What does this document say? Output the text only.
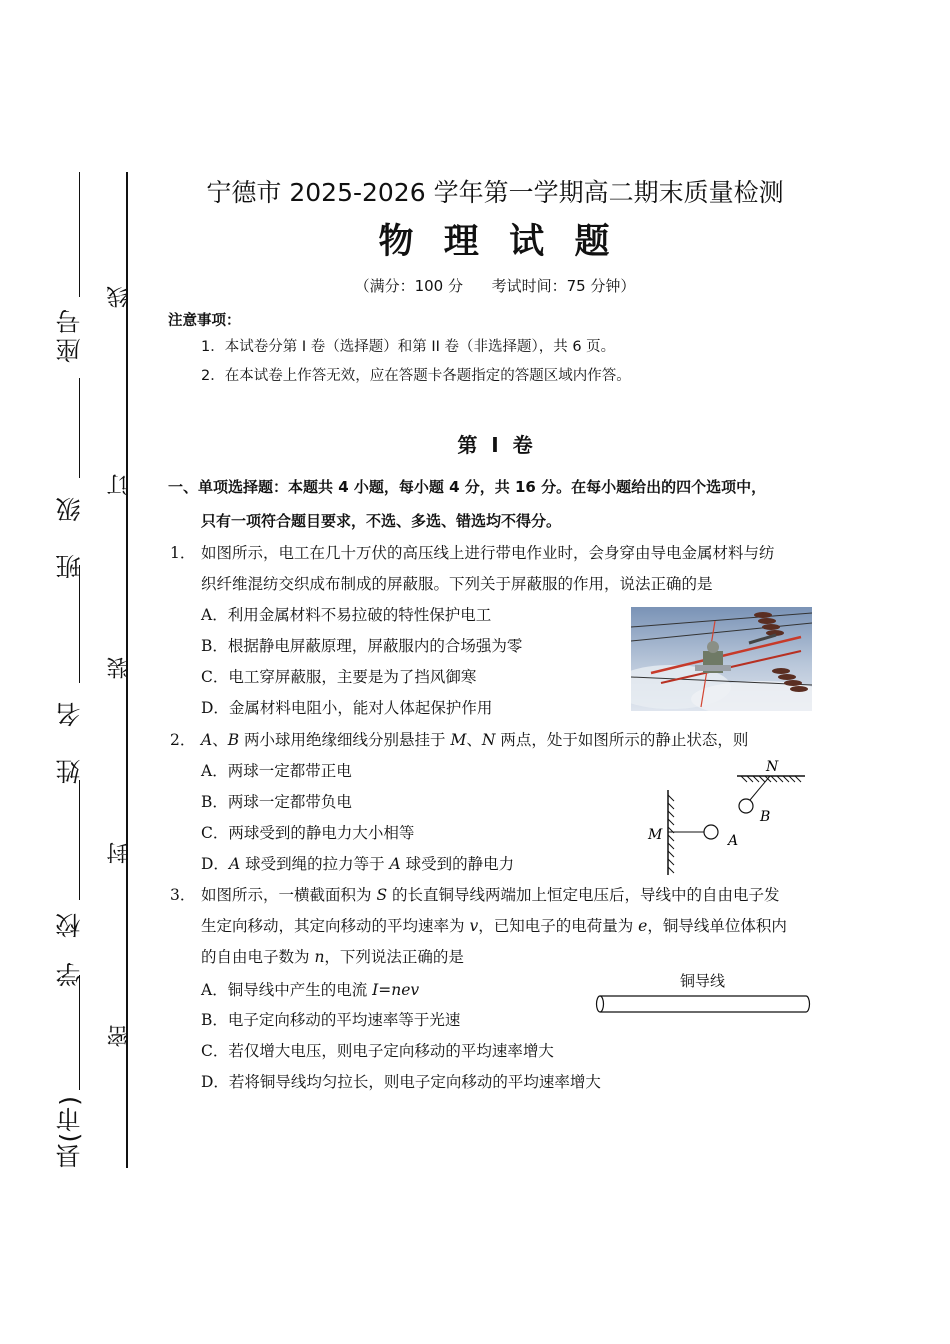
县(市)
学 校
姓 名
班 级
座号
线
订
装
封
密
宁德市 2025-2026 学年第一学期高二期末质量检测
物  理  试  题
（满分：100 分      考试时间：75 分钟）
注意事项：
1．本试卷分第 I 卷（选择题）和第 II 卷（非选择题），共 6 页。
2．在本试卷上作答无效，应在答题卡各题指定的答题区域内作答。
第  I  卷
一、单项选择题：本题共 4 小题，每小题 4 分，共 16 分。在每小题给出的四个选项中，
只有一项符合题目要求，不选、多选、错选均不得分。
1． 如图所示，电工在几十万伏的高压线上进行带电作业时，会身穿由导电金属材料与纺
织纤维混纺交织成布制成的屏蔽服。下列关于屏蔽服的作用，说法正确的是
A．利用金属材料不易拉破的特性保护电工
B．根据静电屏蔽原理，屏蔽服内的合场强为零
C．电工穿屏蔽服，主要是为了挡风御寒
D．金属材料电阻小，能对人体起保护作用
2． A、B 两小球用绝缘细线分别悬挂于 M、N 两点，处于如图所示的静止状态，则
A．两球一定都带正电
B．两球一定都带负电
C．两球受到的静电力大小相等
D．A 球受到绳的拉力等于 A 球受到的静电力
N
M	A
B
3． 如图所示，一横截面积为 S 的长直铜导线两端加上恒定电压后，导线中的自由电子发
生定向移动，其定向移动的平均速率为 v，已知电子的电荷量为 e，铜导线单位体积内
的自由电子数为 n，下列说法正确的是
A．铜导线中产生的电流 I=nev
B．电子定向移动的平均速率等于光速
C．若仅增大电压，则电子定向移动的平均速率增大
D．若将铜导线均匀拉长，则电子定向移动的平均速率增大
铜导线
